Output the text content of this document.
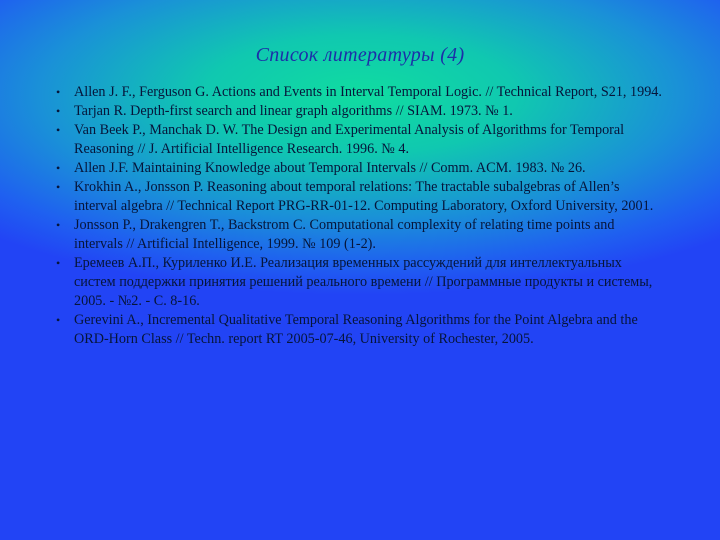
Список литературы (4)
• Allen J. F., Ferguson G. Actions and Events in Interval Temporal Logic. // Technical Report, S21, 1994.
• Tarjan R. Depth-first search and linear graph algorithms // SIAM. 1973. № 1.
• Van Beek P., Manchak D. W. The Design and Experimental Analysis of Algorithms for Temporal Reasoning // J. Artificial Intelligence Research. 1996. № 4.
• Allen J.F. Maintaining Knowledge about Temporal Intervals // Comm. ACM. 1983. № 26.
• Krokhin A., Jonsson P. Reasoning about temporal relations: The tractable subalgebras of Allen’s interval algebra // Technical Report PRG-RR-01-12. Computing Laboratory, Oxford University, 2001.
• Jonsson P., Drakengren T., Backstrom C. Computational complexity of relating time points and intervals // Artificial Intelligence, 1999. № 109 (1-2).
• Еремеев А.П., Куриленко И.Е. Реализация временных рассуждений для интеллектуальных систем поддержки принятия решений реального времени // Программные продукты и системы, 2005. - №2. - С. 8-16.
• Gerevini A., Incremental Qualitative Temporal Reasoning Algorithms for the Point Algebra and the ORD-Horn Class // Techn. report RT 2005-07-46, University of Rochester, 2005.
